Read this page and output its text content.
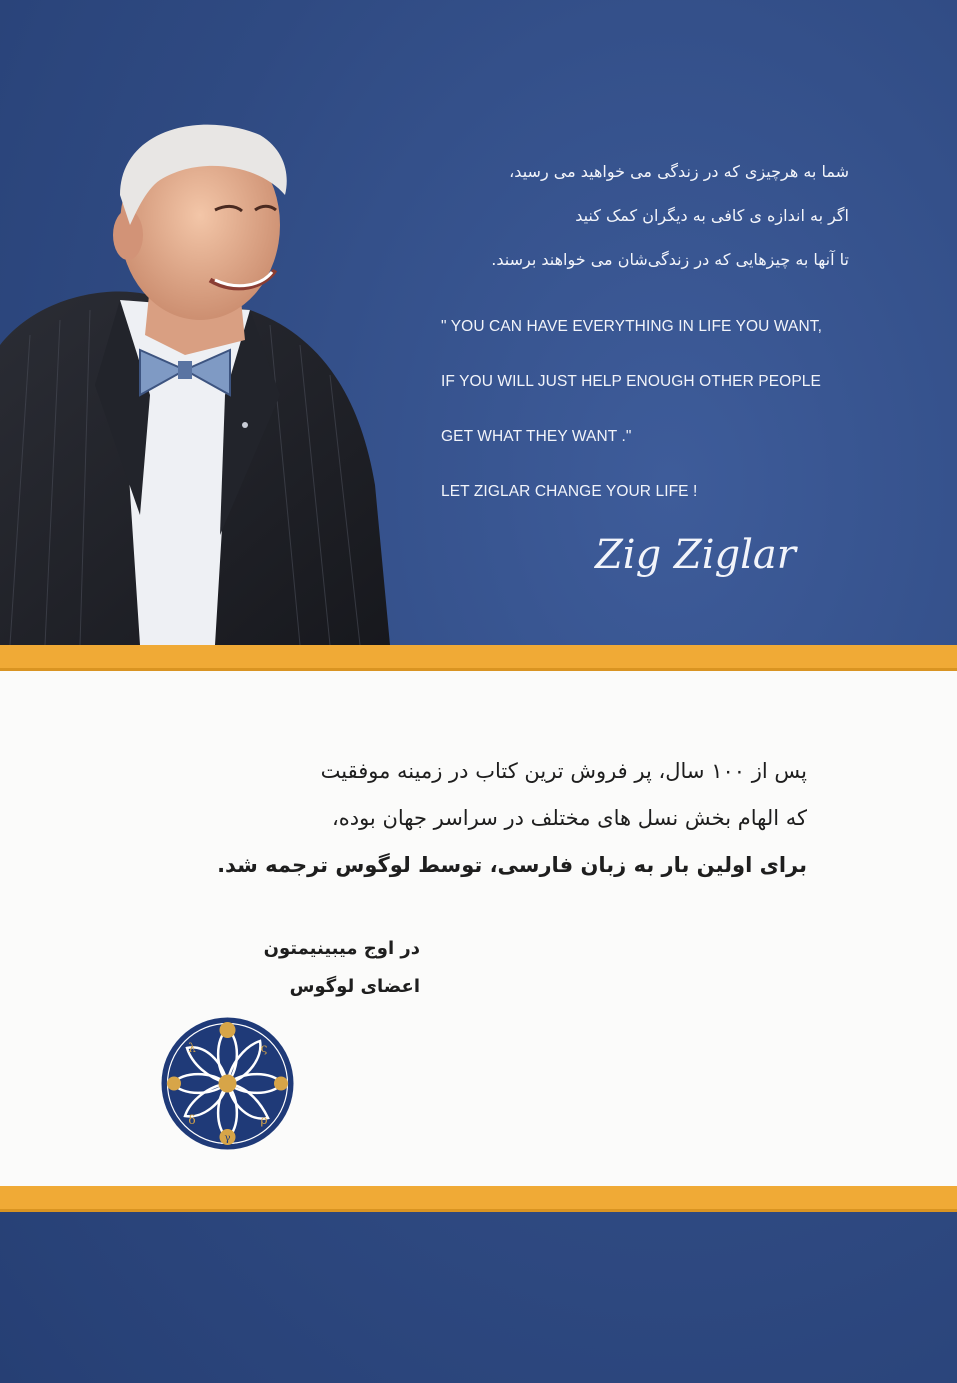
شما به هرچیزی که در زندگی می خواهید می رسید،
اگر به اندازه ی کافی به دیگران کمک کنید
تا آنها به چیزهایی که در زندگی‌شان می خواهند برسند.
" YOU CAN HAVE EVERYTHING IN LIFE YOU WANT,
IF YOU WILL JUST HELP ENOUGH OTHER PEOPLE
GET WHAT THEY WANT ."
LET ZIGLAR CHANGE YOUR LIFE !
Zig Ziglar
پس از ۱۰۰ سال، پر فروش ترین کتاب در زمینه موفقیت
که الهام بخش نسل های مختلف در سراسر جهان بوده،
برای اولین بار به زبان فارسی، توسط لوگوس ترجمه شد.
در اوج میبینیمتون
اعضای لوگوس
ς
λ
δ
γ
ρ
